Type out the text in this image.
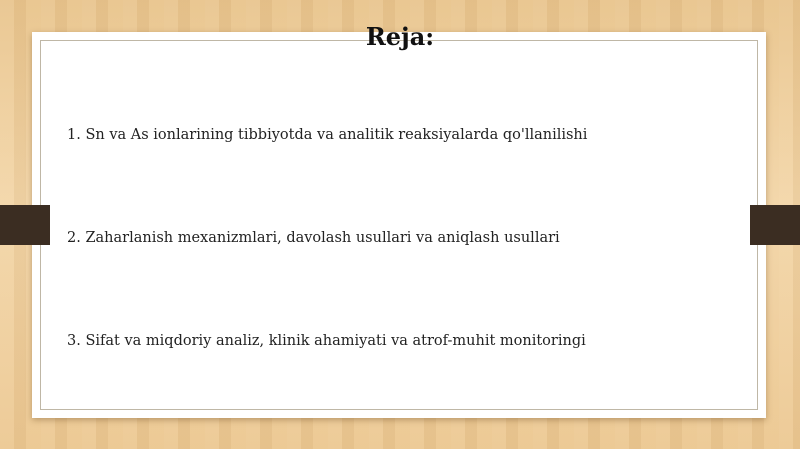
Reja:
1. Sn va As ionlarining tibbiyotda va analitik reaksiyalarda qo'llanilishi
2. Zaharlanish mexanizmlari, davolash usullari va aniqlash usullari
3. Sifat va miqdoriy analiz, klinik ahamiyati va atrof-muhit monitoringi
